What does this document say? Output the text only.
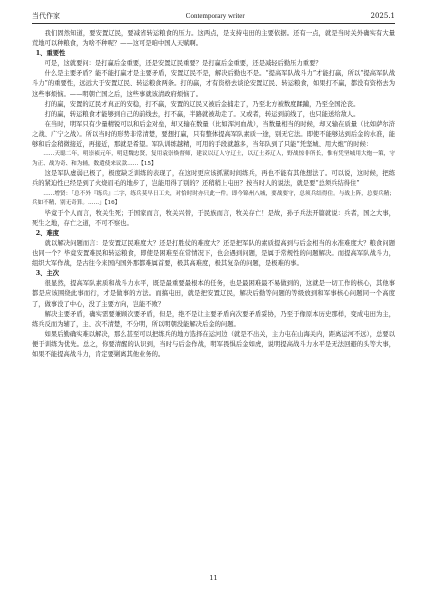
当代作家	Contemporary writer	2025.1

我们固然知道，要安置辽民，要减省转运粮食的压力。这两点，是支持屯田的主要依据。还有一点，就是当时关外确实有大量荒地可以种粮食，为啥不种呢？——这可是咱中国人天赋啊。

1、重要性

可是，这就要问：是打赢后金重要，还是安置辽民重要？是打赢后金重要，还是减轻后勤压力重要？

什么是主要矛盾？能不能打赢才是主要矛盾，安置辽民不是，解决后勤也不是。“提高军队战斗力”才能打赢，所以“提高军队战斗力”的重要性，远远大于安置辽民、转运粮食两条。打的赢，才有资格去谈论安置辽民、转运粮食，如果打不赢，都没有资格去为这些事烦恼。——明朝亡国之后，这些事就该清政府烦恼了。

打的赢，安置的辽民才真正的安稳，打不赢，安置的辽民又被后金捕走了，乃至北方被数度蹂躏，乃至全国沦丧。

打的赢，转运粮食才能够到自己的前线去，打不赢，半路就被劫走了。又或者，转运到前线了，也只能送给敌人。

在当时，明军只有少量精锐可以和后金对垒，却又输在数量（比如浑河血战），当数量相当的时候，却又输在质量（比如萨尔浒之战、广宁之战）。所以当时的形势非常清楚，要想打赢，只有整体提高军队素质一途，别无它法。即使不能够达到后金的水准，能够和后金稍微接近，再接近，那就是希望。军队训练越精，可用的手段就越多，当年队到了只能“凭坚城、用大炮”的时候：

……天聪二年，明崇祯元年，明廷魏忠贤，复用袁崇焕督师，建议以辽人守辽土，以辽土养辽人，野战惊非所长，惟有凭坚城用大炮一策，守为正、战为奇、和为辅，数遣使来议款……【15】

这是军队虚弱已极了，极度缺乏训练的表现了，在这时更应该抓紧时间练兵，再也不能有其他想法了。可以说，这时候，把练兵的紧迫性已经是到了火烧眉毛的地步了，岂能用得了别的？还稍稍上屯田？按当时人的说法，就是要“总须兵结得住”

……增贤：「总不外『练兵』二字，练兵莫早日工夫，对恰时时亦只此一件。即今锦州八城，要战要守，总须兵结得住。与战上阵，总要兵精；兵如不精，别无奇算。……」【16】

毕竟于个人而言，牧关生死；于国家而言，牧关兴替，于民族而言，牧关存亡！是故，孙子兵法开篇就说：兵者，国之大事，死生之地，存亡之道，不可不察也。

2、难度

就以解决问题而言：是安置辽民难度大？还是打胜仗的难度大？还是把军队的素质提高到与后金相当的水准难度大？粮食问题也同一个？毕竟安置难民和转运粮食，即使是困难至在常情况下，也会遇到问题，是属于常规性的问题解决。而提高军队战斗力，组织大军作战，是古往今来国内国外那都难属首要，极其高难度，极其复杂的问题，是极难的事。

3、主次

很显然，提高军队素质和战斗力水平，既是最重要最根本的任务，也是最困难最不易做到的，这就是一切工作的核心，其他事都是应该围绕此事而行，才是做事的方法。而搞屯田，就是把安置辽民，解决后勤等问题的等级放到和军事核心问题同一个高度了，做事没了中心，没了主要方向，岂能不败？

解决主要矛盾，确实需要兼顾次要矛盾，但是，绝不是让主要矛盾向次要矛盾妥协，乃至于像原本历史那样，变成屯田为主，练兵反而为辅了，主、次不清楚，不分明，所以明朝没能解决后金的问题。

如果后勤确实难以解决，那么甚至可以把练兵的地方选择在运河边（就是不出关，主力屯在山海关内，距离运河不远），总要以便于训练为优先。总之，你要清醒的认识到，当时与后金作战，明军畏惧后金如虎，说明提高战斗力水平是无法回避的头等大事，如果不能提高战斗力，肯定要剿离其他业务的。

11
